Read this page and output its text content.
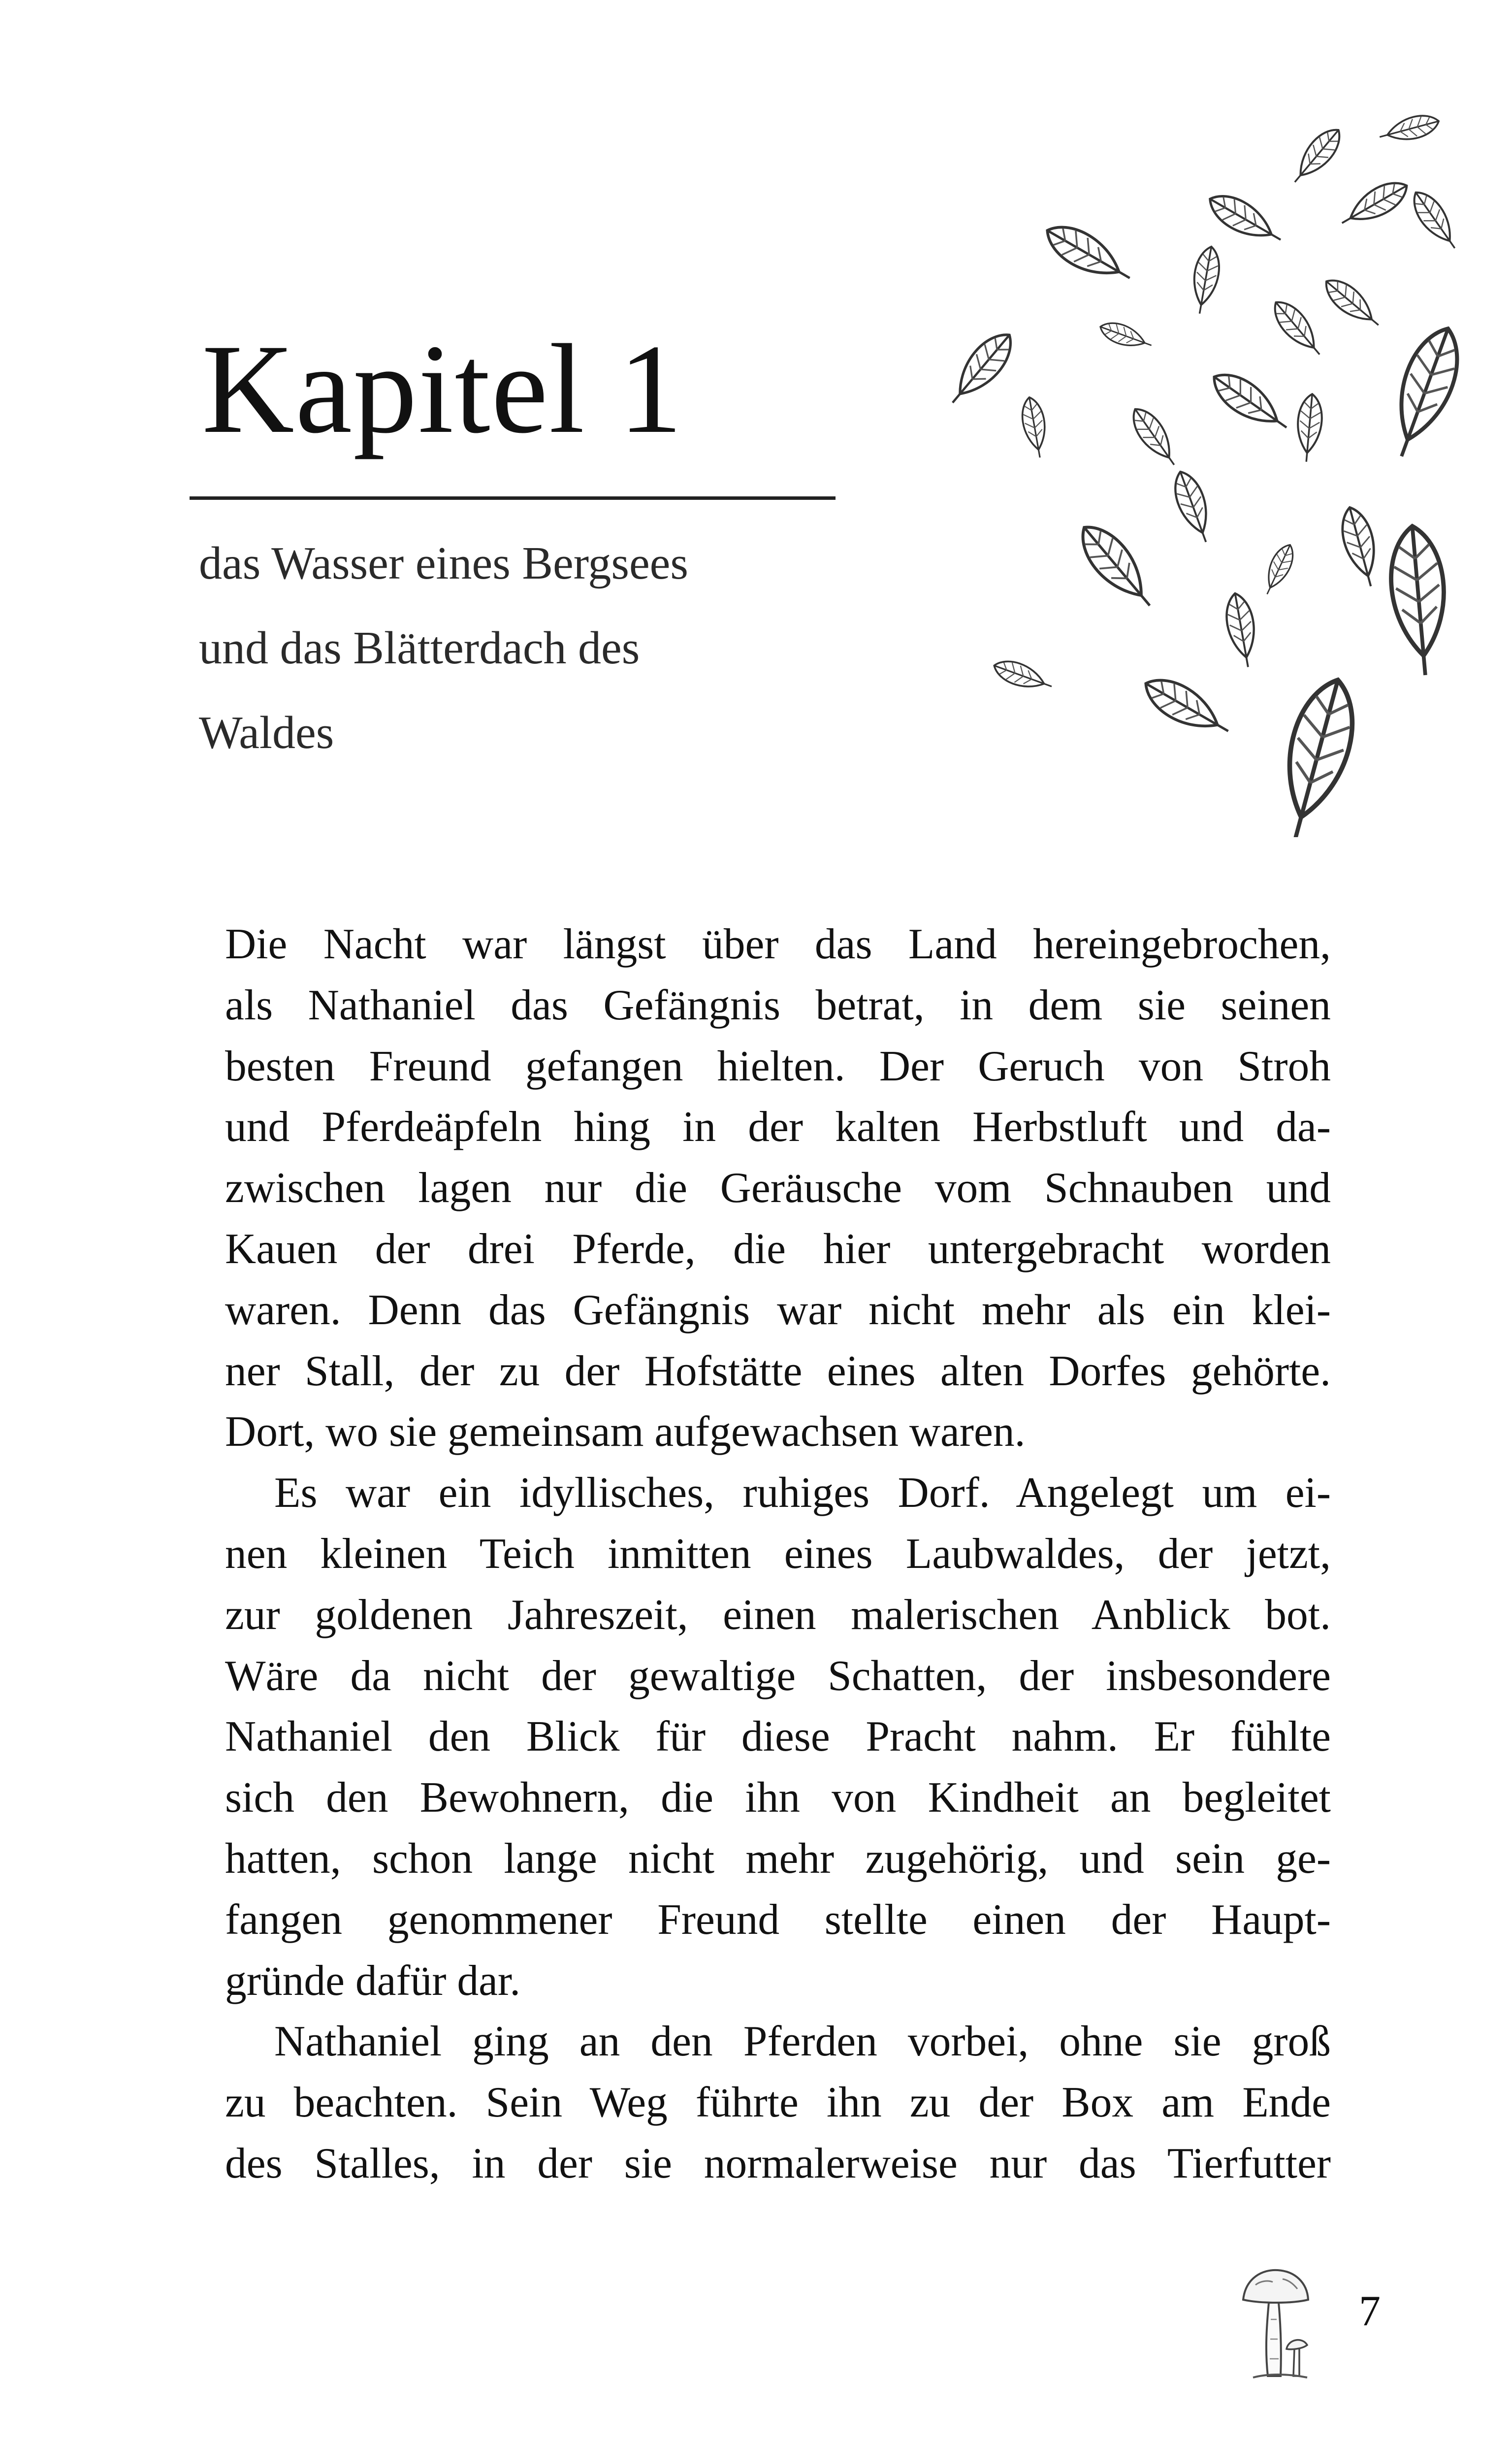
Kapitel 1
das Wasser eines Bergsees
und das Blätterdach des
Waldes
Die Nacht war längst über das Land hereingebrochen,
als Nathaniel das Gefängnis betrat, in dem sie seinen
besten Freund gefangen hielten. Der Geruch von Stroh
und Pferdeäpfeln hing in der kalten Herbstluft und da-
zwischen lagen nur die Geräusche vom Schnauben und
Kauen der drei Pferde, die hier untergebracht worden
waren. Denn das Gefängnis war nicht mehr als ein klei-
ner Stall, der zu der Hofstätte eines alten Dorfes gehörte.
Dort, wo sie gemeinsam aufgewachsen waren.
Es war ein idyllisches, ruhiges Dorf. Angelegt um ei-
nen kleinen Teich inmitten eines Laubwaldes, der jetzt,
zur goldenen Jahreszeit, einen malerischen Anblick bot.
Wäre da nicht der gewaltige Schatten, der insbesondere
Nathaniel den Blick für diese Pracht nahm. Er fühlte
sich den Bewohnern, die ihn von Kindheit an begleitet
hatten, schon lange nicht mehr zugehörig, und sein ge-
fangen genommener Freund stellte einen der Haupt-
gründe dafür dar.
Nathaniel ging an den Pferden vorbei, ohne sie groß
zu beachten. Sein Weg führte ihn zu der Box am Ende
des Stalles, in der sie normalerweise nur das Tierfutter
7
